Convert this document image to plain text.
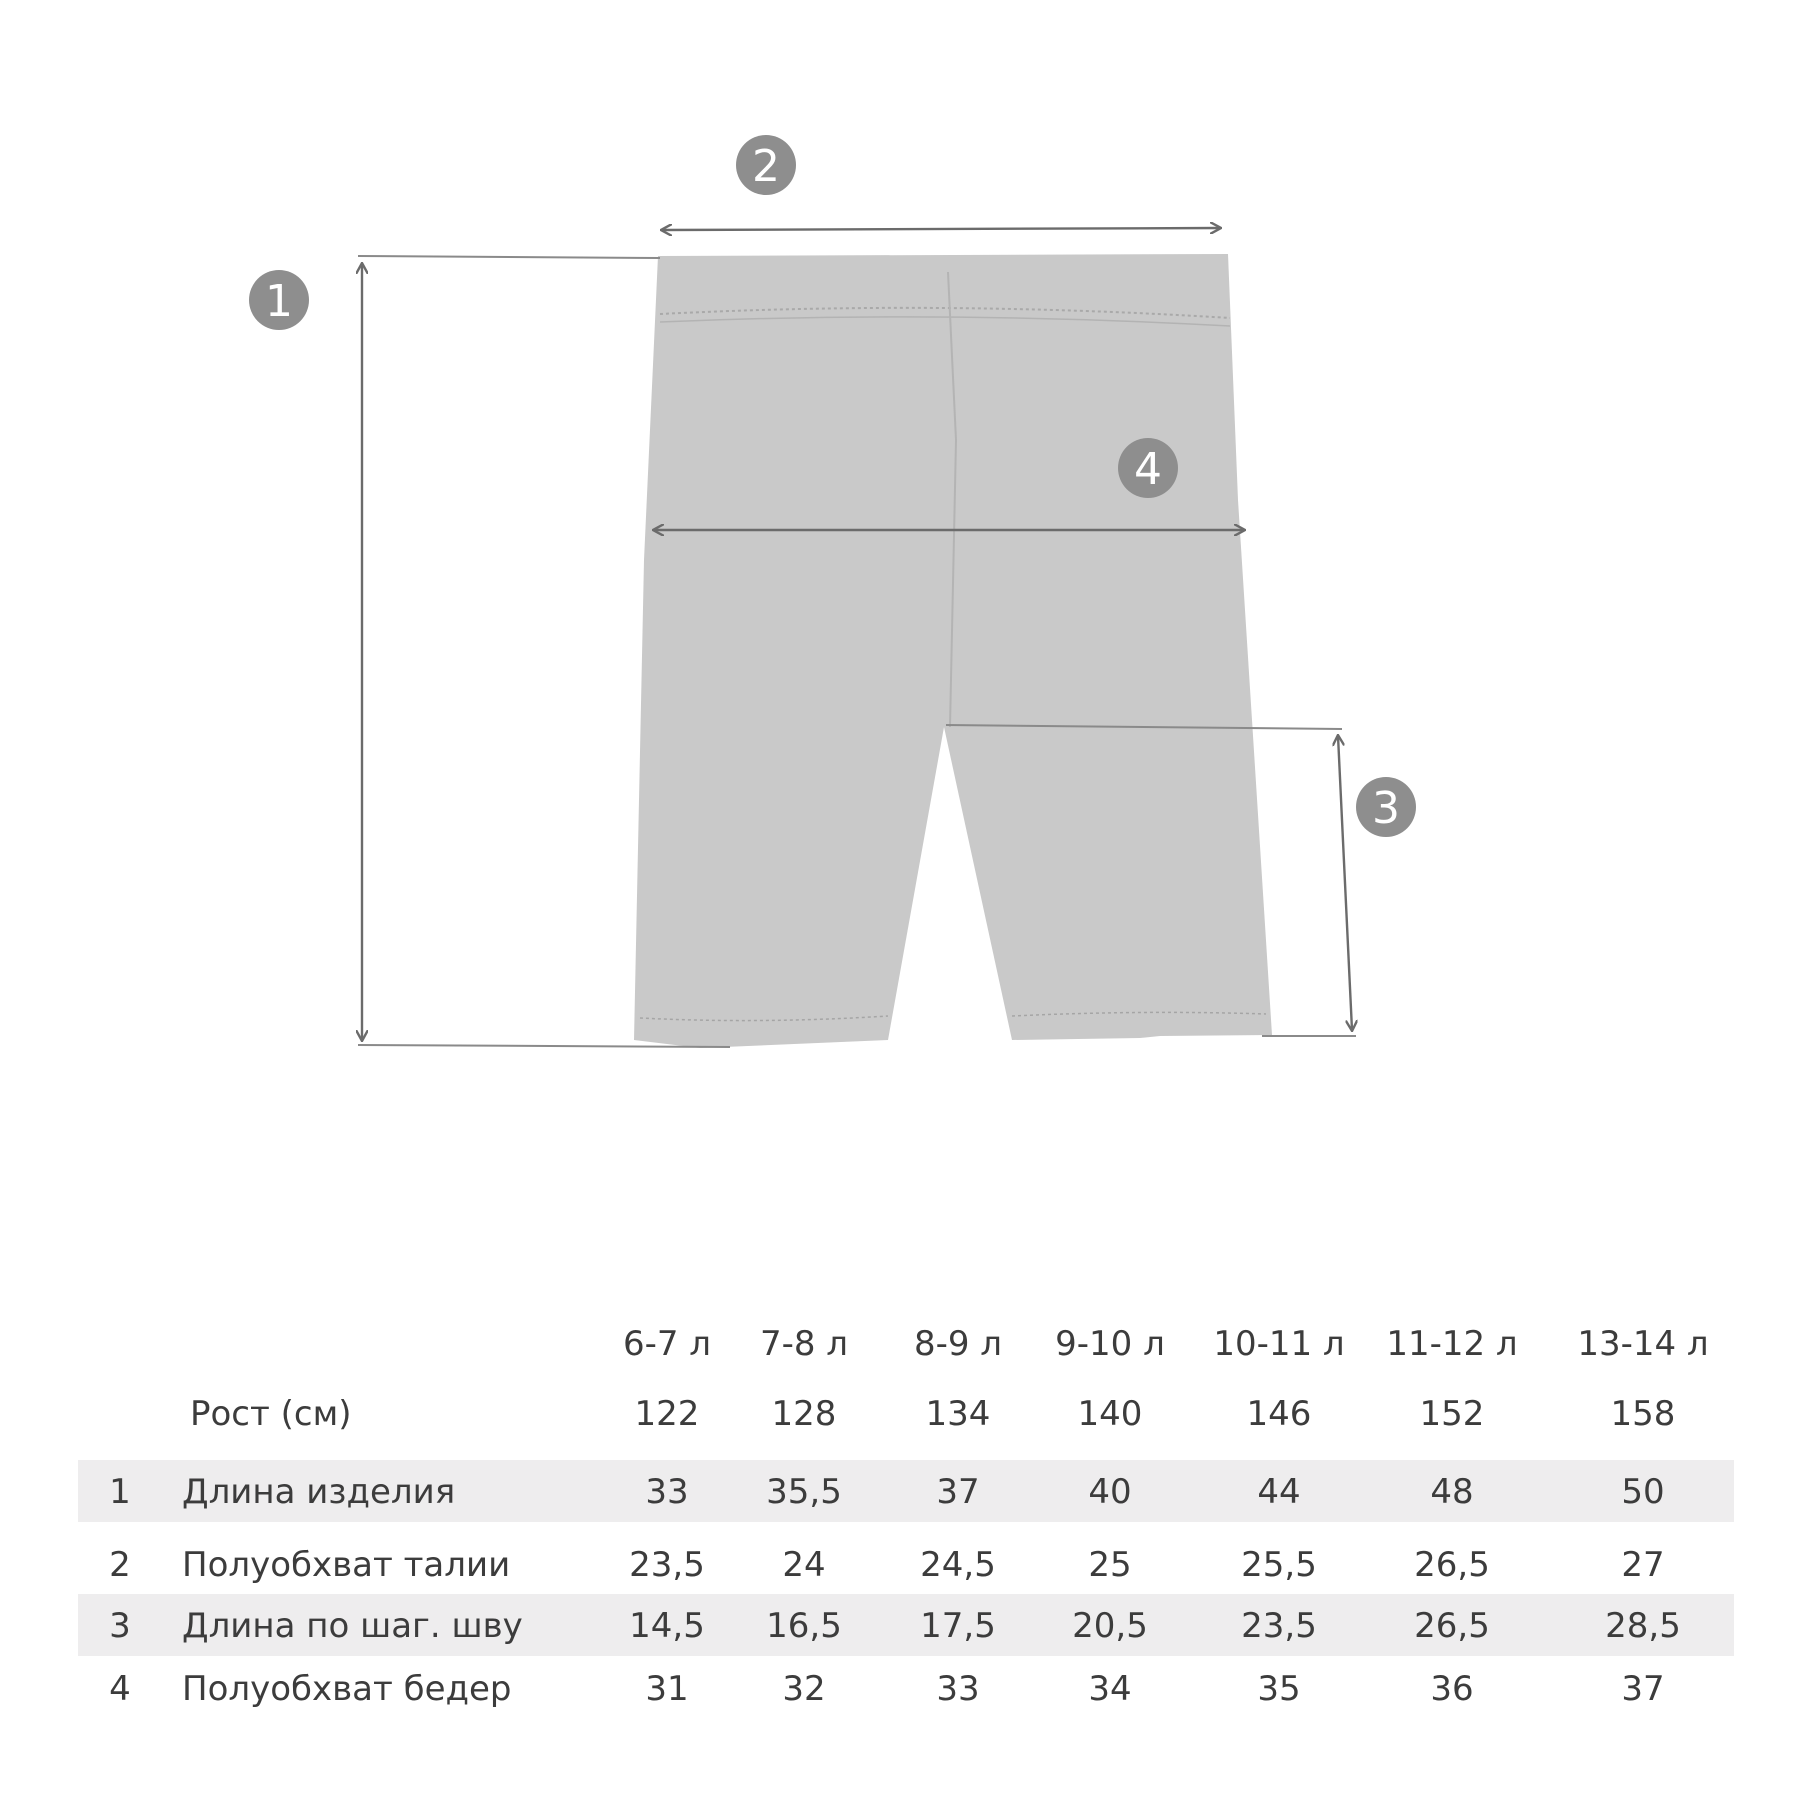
1
2
3
4
6-7 л	7-8 л	8-9 л	9-10 л	10-11 л	11-12 л	13-14 л
Рост (см)	122	128	134	140	146	152	158
1	Длина изделия	33	35,5	37	40	44	48	50
2	Полуобхват талии	23,5	24	24,5	25	25,5	26,5	27
3	Длина по шаг. шву	14,5	16,5	17,5	20,5	23,5	26,5	28,5
4	Полуобхват бедер	31	32	33	34	35	36	37
